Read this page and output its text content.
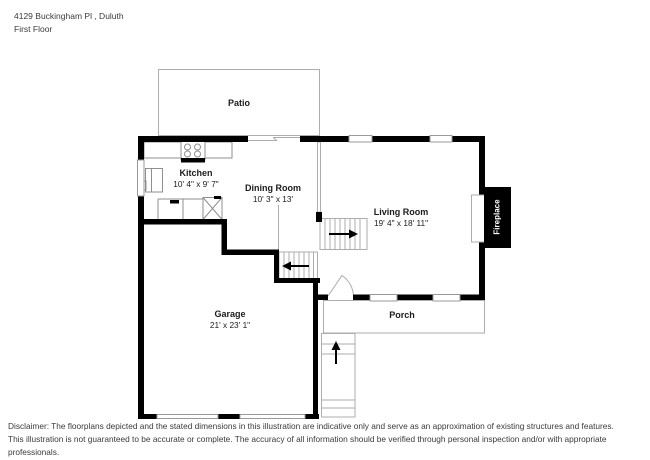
4129 Buckingham Pl , Duluth
First Floor
Fireplace
Patio
Kitchen
10' 4" x 9' 7"	Dining Room
10' 3" x 13'
Living Room
19' 4" x 18' 11"
Garage
21' x 23' 1"
Porch
Disclaimer: The floorplans depicted and the stated dimensions in this illustration are indicative only and serve as an approximation of existing structures and features.
This illustration is not guaranteed to be accurate or complete. The accuracy of all information should be verified through personal inspection and/or with appropriate professionals.
